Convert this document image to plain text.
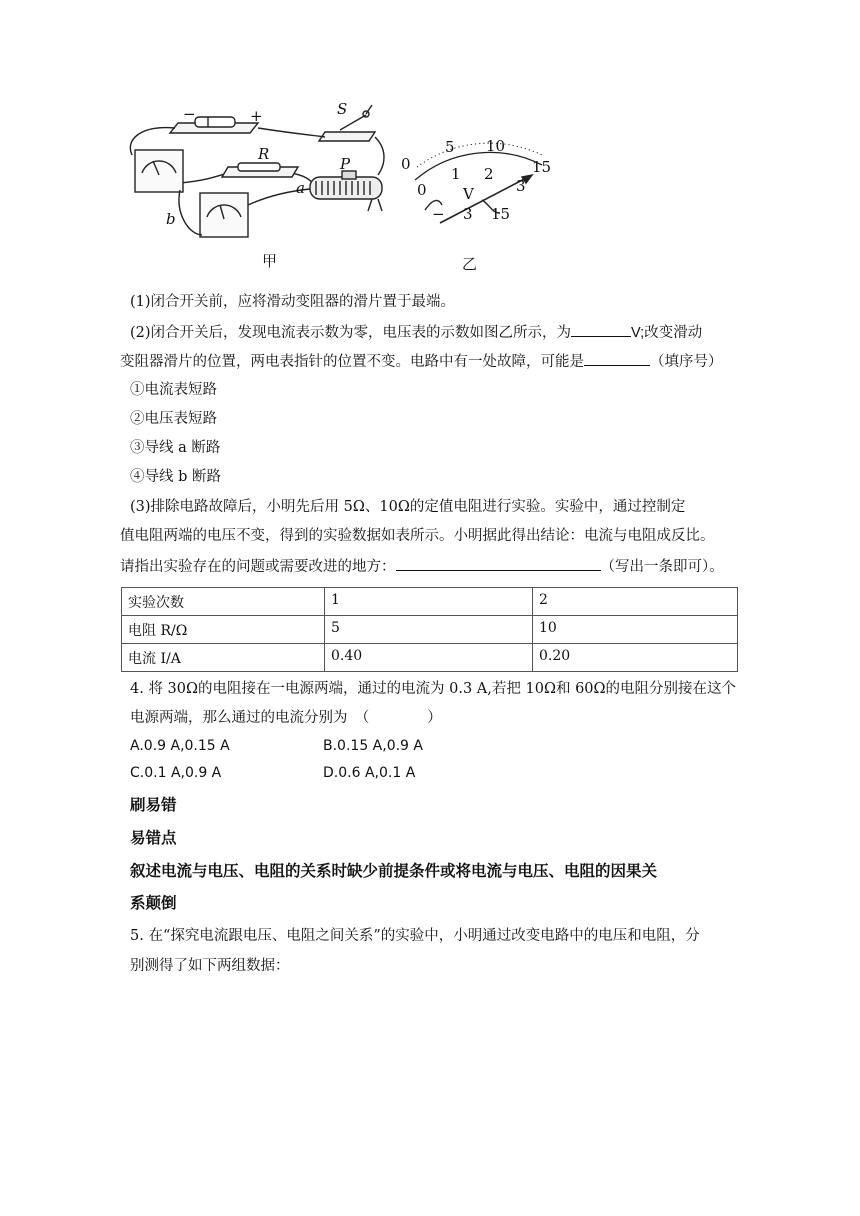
−	+	S
R
P
a
b
0
5 10
15
0
1 2
3
V
− 3 15
甲	乙
(1)闭合开关前，应将滑动变阻器的滑片置于最端。
(2)闭合开关后，发现电流表示数为零，电压表的示数如图乙所示，为	V;改变滑动
变阻器滑片的位置，两电表指针的位置不变。电路中有一处故障，可能是	（填序号）
①电流表短路
②电压表短路
③导线 a 断路
④导线 b 断路
(3)排除电路故障后，小明先后用 5Ω、10Ω的定值电阻进行实验。实验中，通过控制定
值电阻两端的电压不变，得到的实验数据如表所示。小明据此得出结论：电流与电阻成反比。
请指出实验存在的问题或需要改进的地方：	（写出一条即可）。
实验次数	1	2
电阻 R/Ω	5	10
电流 I/A	0.40	0.20
4. 将 30Ω的电阻接在一电源两端，通过的电流为 0.3 A,若把 10Ω和 60Ω的电阻分别接在这个
电源两端，那么通过的电流分别为　（　　　　）
A.0.9 A,0.15 A	B.0.15 A,0.9 A
C.0.1 A,0.9 A	D.0.6 A,0.1 A
刷易错
易错点
叙述电流与电压、电阻的关系时缺少前提条件或将电流与电压、电阻的因果关
系颠倒
5. 在“探究电流跟电压、电阻之间关系”的实验中，小明通过改变电路中的电压和电阻，分
别测得了如下两组数据：
